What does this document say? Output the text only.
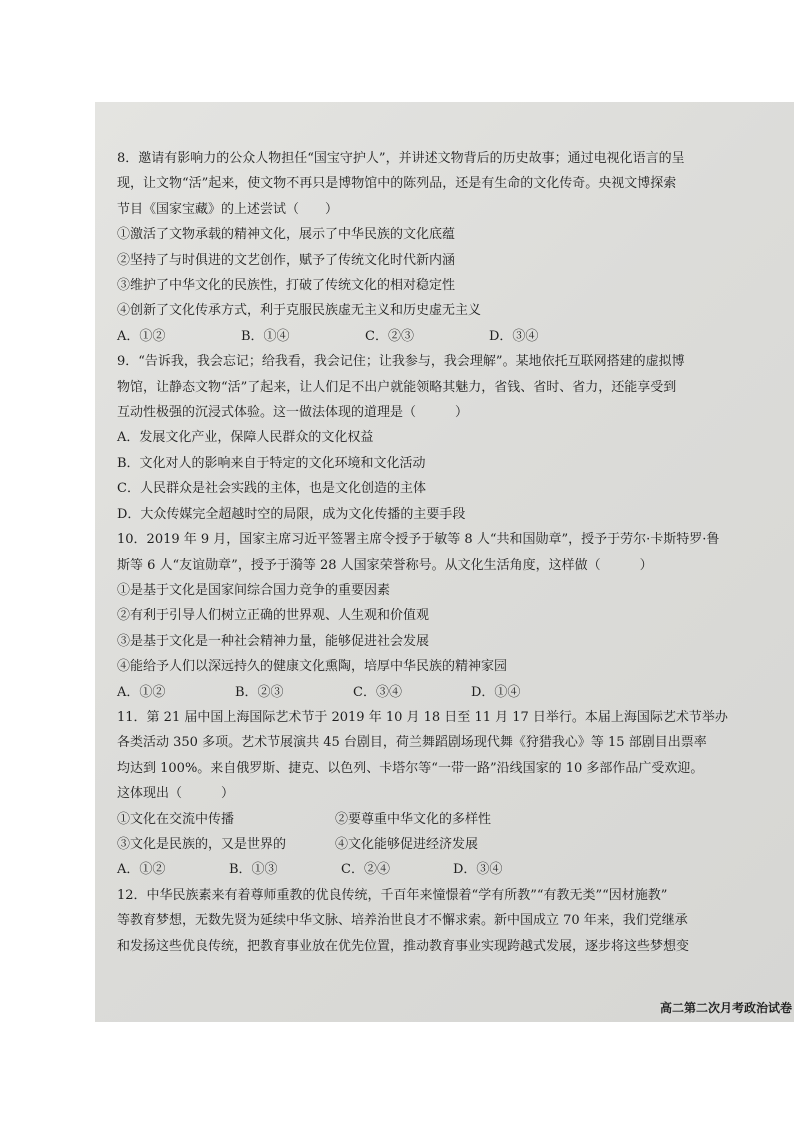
8．邀请有影响力的公众人物担任“国宝守护人”，并讲述文物背后的历史故事；通过电视化语言的呈
现，让文物“活”起来，使文物不再只是博物馆中的陈列品，还是有生命的文化传奇。央视文博探索
节目《国家宝藏》的上述尝试（　　）
①激活了文物承载的精神文化，展示了中华民族的文化底蕴
②坚持了与时俱进的文艺创作，赋予了传统文化时代新内涵
③维护了中华文化的民族性，打破了传统文化的相对稳定性
④创新了文化传承方式，利于克服民族虚无主义和历史虚无主义
A．①②	B．①④	C．②③	D．③④
9．“告诉我，我会忘记；给我看，我会记住；让我参与，我会理解”。某地依托互联网搭建的虚拟博
物馆，让静态文物“活”了起来，让人们足不出户就能领略其魅力，省钱、省时、省力，还能享受到
互动性极强的沉浸式体验。这一做法体现的道理是（　　　）
A．发展文化产业，保障人民群众的文化权益
B．文化对人的影响来自于特定的文化环境和文化活动
C．人民群众是社会实践的主体，也是文化创造的主体
D．大众传媒完全超越时空的局限，成为文化传播的主要手段
10．2019 年 9 月，国家主席习近平签署主席令授予于敏等 8 人“共和国勋章”，授予于劳尔·卡斯特罗·鲁
斯等 6 人“友谊勋章”，授予于漪等 28 人国家荣誉称号。从文化生活角度，这样做（　　　）
①是基于文化是国家间综合国力竞争的重要因素
②有利于引导人们树立正确的世界观、人生观和价值观
③是基于文化是一种社会精神力量，能够促进社会发展
④能给予人们以深远持久的健康文化熏陶，培厚中华民族的精神家园
A．①②	B．②③	C．③④	D．①④
11．第 21 届中国上海国际艺术节于 2019 年 10 月 18 日至 11 月 17 日举行。本届上海国际艺术节举办
各类活动 350 多项。艺术节展演共 45 台剧目，荷兰舞蹈剧场现代舞《狩猎我心》等 15 部剧目出票率
均达到 100%。来自俄罗斯、捷克、以色列、卡塔尔等“一带一路”沿线国家的 10 多部作品广受欢迎。
这体现出（　　　）
①文化在交流中传播	②要尊重中华文化的多样性
③文化是民族的，又是世界的	④文化能够促进经济发展
A．①②	B．①③	C．②④	D．③④
12．中华民族素来有着尊师重教的优良传统，千百年来憧憬着“学有所教”“有教无类”“因材施教”
等教育梦想，无数先贤为延续中华文脉、培养治世良才不懈求索。新中国成立 70 年来，我们党继承
和发扬这些优良传统，把教育事业放在优先位置，推动教育事业实现跨越式发展，逐步将这些梦想变
高二第二次月考政治试卷
